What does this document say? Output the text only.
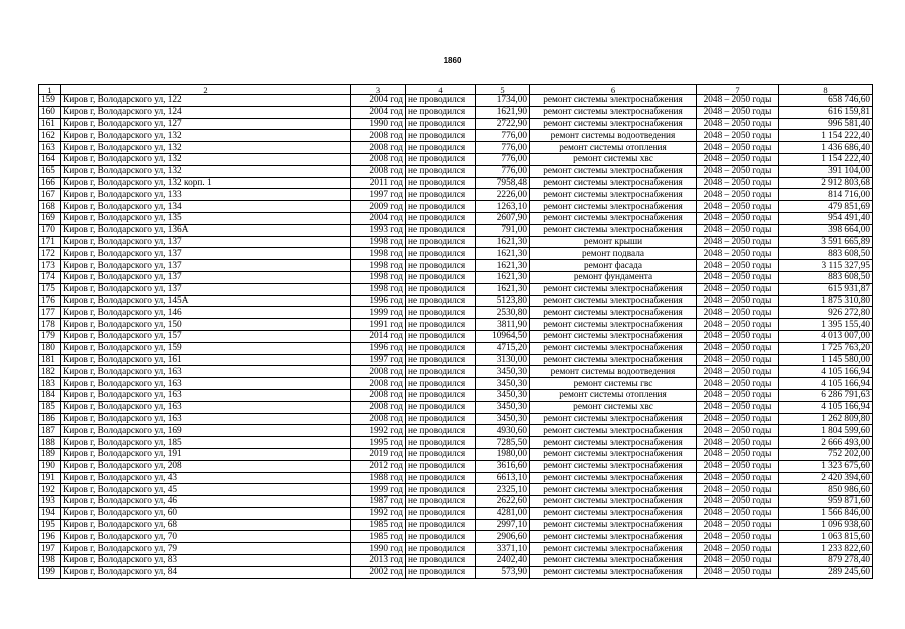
1860
1	2	3	4	5	6	7	8
159	Киров г, Володарского ул, 122	2004 год	не проводился	1734,00	ремонт системы электроснабжения	2048 – 2050 годы	658 746,60
160	Киров г, Володарского ул, 124	2004 год	не проводился	1621,90	ремонт системы электроснабжения	2048 – 2050 годы	616 159,81
161	Киров г, Володарского ул, 127	1990 год	не проводился	2722,90	ремонт системы электроснабжения	2048 – 2050 годы	996 581,40
162	Киров г, Володарского ул, 132	2008 год	не проводился	776,00	ремонт системы водоотведения	2048 – 2050 годы	1 154 222,40
163	Киров г, Володарского ул, 132	2008 год	не проводился	776,00	ремонт системы отопления	2048 – 2050 годы	1 436 686,40
164	Киров г, Володарского ул, 132	2008 год	не проводился	776,00	ремонт системы хвс	2048 – 2050 годы	1 154 222,40
165	Киров г, Володарского ул, 132	2008 год	не проводился	776,00	ремонт системы электроснабжения	2048 – 2050 годы	391 104,00
166	Киров г, Володарского ул, 132 корп. 1	2011 год	не проводился	7958,48	ремонт системы электроснабжения	2048 – 2050 годы	2 912 803,68
167	Киров г, Володарского ул, 133	1997 год	не проводился	2226,00	ремонт системы электроснабжения	2048 – 2050 годы	814 716,00
168	Киров г, Володарского ул, 134	2009 год	не проводился	1263,10	ремонт системы электроснабжения	2048 – 2050 годы	479 851,69
169	Киров г, Володарского ул, 135	2004 год	не проводился	2607,90	ремонт системы электроснабжения	2048 – 2050 годы	954 491,40
170	Киров г, Володарского ул, 136А	1993 год	не проводился	791,00	ремонт системы электроснабжения	2048 – 2050 годы	398 664,00
171	Киров г, Володарского ул, 137	1998 год	не проводился	1621,30	ремонт крыши	2048 – 2050 годы	3 591 665,89
172	Киров г, Володарского ул, 137	1998 год	не проводился	1621,30	ремонт подвала	2048 – 2050 годы	883 608,50
173	Киров г, Володарского ул, 137	1998 год	не проводился	1621,30	ремонт фасада	2048 – 2050 годы	3 115 327,95
174	Киров г, Володарского ул, 137	1998 год	не проводился	1621,30	ремонт фундамента	2048 – 2050 годы	883 608,50
175	Киров г, Володарского ул, 137	1998 год	не проводился	1621,30	ремонт системы электроснабжения	2048 – 2050 годы	615 931,87
176	Киров г, Володарского ул, 145А	1996 год	не проводился	5123,80	ремонт системы электроснабжения	2048 – 2050 годы	1 875 310,80
177	Киров г, Володарского ул, 146	1999 год	не проводился	2530,80	ремонт системы электроснабжения	2048 – 2050 годы	926 272,80
178	Киров г, Володарского ул, 150	1991 год	не проводился	3811,90	ремонт системы электроснабжения	2048 – 2050 годы	1 395 155,40
179	Киров г, Володарского ул, 157	2014 год	не проводился	10964,50	ремонт системы электроснабжения	2048 – 2050 годы	4 013 007,00
180	Киров г, Володарского ул, 159	1996 год	не проводился	4715,20	ремонт системы электроснабжения	2048 – 2050 годы	1 725 763,20
181	Киров г, Володарского ул, 161	1997 год	не проводился	3130,00	ремонт системы электроснабжения	2048 – 2050 годы	1 145 580,00
182	Киров г, Володарского ул, 163	2008 год	не проводился	3450,30	ремонт системы водоотведения	2048 – 2050 годы	4 105 166,94
183	Киров г, Володарского ул, 163	2008 год	не проводился	3450,30	ремонт системы гвс	2048 – 2050 годы	4 105 166,94
184	Киров г, Володарского ул, 163	2008 год	не проводился	3450,30	ремонт системы отопления	2048 – 2050 годы	6 286 791,63
185	Киров г, Володарского ул, 163	2008 год	не проводился	3450,30	ремонт системы хвс	2048 – 2050 годы	4 105 166,94
186	Киров г, Володарского ул, 163	2008 год	не проводился	3450,30	ремонт системы электроснабжения	2048 – 2050 годы	1 262 809,80
187	Киров г, Володарского ул, 169	1992 год	не проводился	4930,60	ремонт системы электроснабжения	2048 – 2050 годы	1 804 599,60
188	Киров г, Володарского ул, 185	1995 год	не проводился	7285,50	ремонт системы электроснабжения	2048 – 2050 годы	2 666 493,00
189	Киров г, Володарского ул, 191	2019 год	не проводился	1980,00	ремонт системы электроснабжения	2048 – 2050 годы	752 202,00
190	Киров г, Володарского ул, 208	2012 год	не проводился	3616,60	ремонт системы электроснабжения	2048 – 2050 годы	1 323 675,60
191	Киров г, Володарского ул, 43	1988 год	не проводился	6613,10	ремонт системы электроснабжения	2048 – 2050 годы	2 420 394,60
192	Киров г, Володарского ул, 45	1999 год	не проводился	2325,10	ремонт системы электроснабжения	2048 – 2050 годы	850 986,60
193	Киров г, Володарского ул, 46	1987 год	не проводился	2622,60	ремонт системы электроснабжения	2048 – 2050 годы	959 871,60
194	Киров г, Володарского ул, 60	1992 год	не проводился	4281,00	ремонт системы электроснабжения	2048 – 2050 годы	1 566 846,00
195	Киров г, Володарского ул, 68	1985 год	не проводился	2997,10	ремонт системы электроснабжения	2048 – 2050 годы	1 096 938,60
196	Киров г, Володарского ул, 70	1985 год	не проводился	2906,60	ремонт системы электроснабжения	2048 – 2050 годы	1 063 815,60
197	Киров г, Володарского ул, 79	1990 год	не проводился	3371,10	ремонт системы электроснабжения	2048 – 2050 годы	1 233 822,60
198	Киров г, Володарского ул, 83	2013 год	не проводился	2402,40	ремонт системы электроснабжения	2048 – 2050 годы	879 278,40
199	Киров г, Володарского ул, 84	2002 год	не проводился	573,90	ремонт системы электроснабжения	2048 – 2050 годы	289 245,60
